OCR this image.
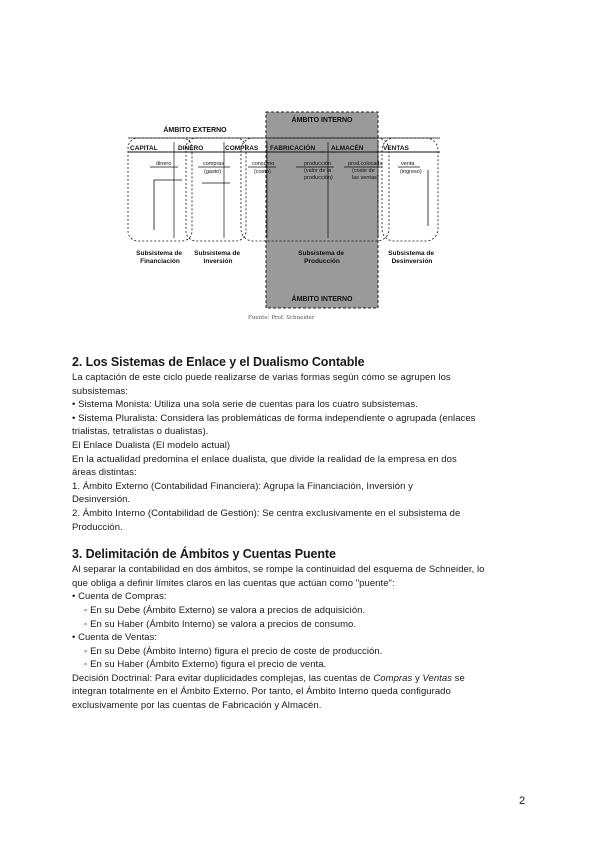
ÁMBITO INTERNO
ÁMBITO EXTERNO
CAPITAL	DINERO	COMPRAS FABRICACIÓN ALMACÉN	VENTAS
dinero	compras
(gasto)
consumo
(costo)
producción
(valor de la
producción)
prod.colocada
(coste de
las ventas)
venta
(ingreso)
Subsistema de Financiación
Subsistema de Inversión
Subsistema de Producción
Subsistema de Desinversión
ÁMBITO INTERNO
Fuente: Prof. Schneider
2. Los Sistemas de Enlace y el Dualismo Contable

La captación de este ciclo puede realizarse de varias formas según cómo se agrupen los

subsistemas:

• Sistema Monista: Utiliza una sola serie de cuentas para los cuatro subsistemas.

• Sistema Pluralista: Considera las problemáticas de forma independiente o agrupada (enlaces

trialistas, tetralistas o dualistas).

El Enlace Dualista (El modelo actual)

En la actualidad predomina el enlace dualista, que divide la realidad de la empresa en dos

áreas distintas:

1. Ámbito Externo (Contabilidad Financiera): Agrupa la Financiación, Inversión y

Desinversión.

2. Ámbito Interno (Contabilidad de Gestión): Se centra exclusivamente en el subsistema de

Producción.

3. Delimitación de Ámbitos y Cuentas Puente

Al separar la contabilidad en dos ámbitos, se rompe la continuidad del esquema de Schneider, lo

que obliga a definir límites claros en las cuentas que actúan como "puente":

• Cuenta de Compras:

◦ En su Debe (Ámbito Externo) se valora a precios de adquisición.

◦ En su Haber (Ámbito Interno) se valora a precios de consumo.

• Cuenta de Ventas:

◦ En su Debe (Ámbito Interno) figura el precio de coste de producción.

◦ En su Haber (Ámbito Externo) figura el precio de venta.

Decisión Doctrinal: Para evitar duplicidades complejas, las cuentas de Compras y Ventas se

integran totalmente en el Ámbito Externo. Por tanto, el Ámbito Interno queda configurado

exclusivamente por las cuentas de Fabricación y Almacén.

2
